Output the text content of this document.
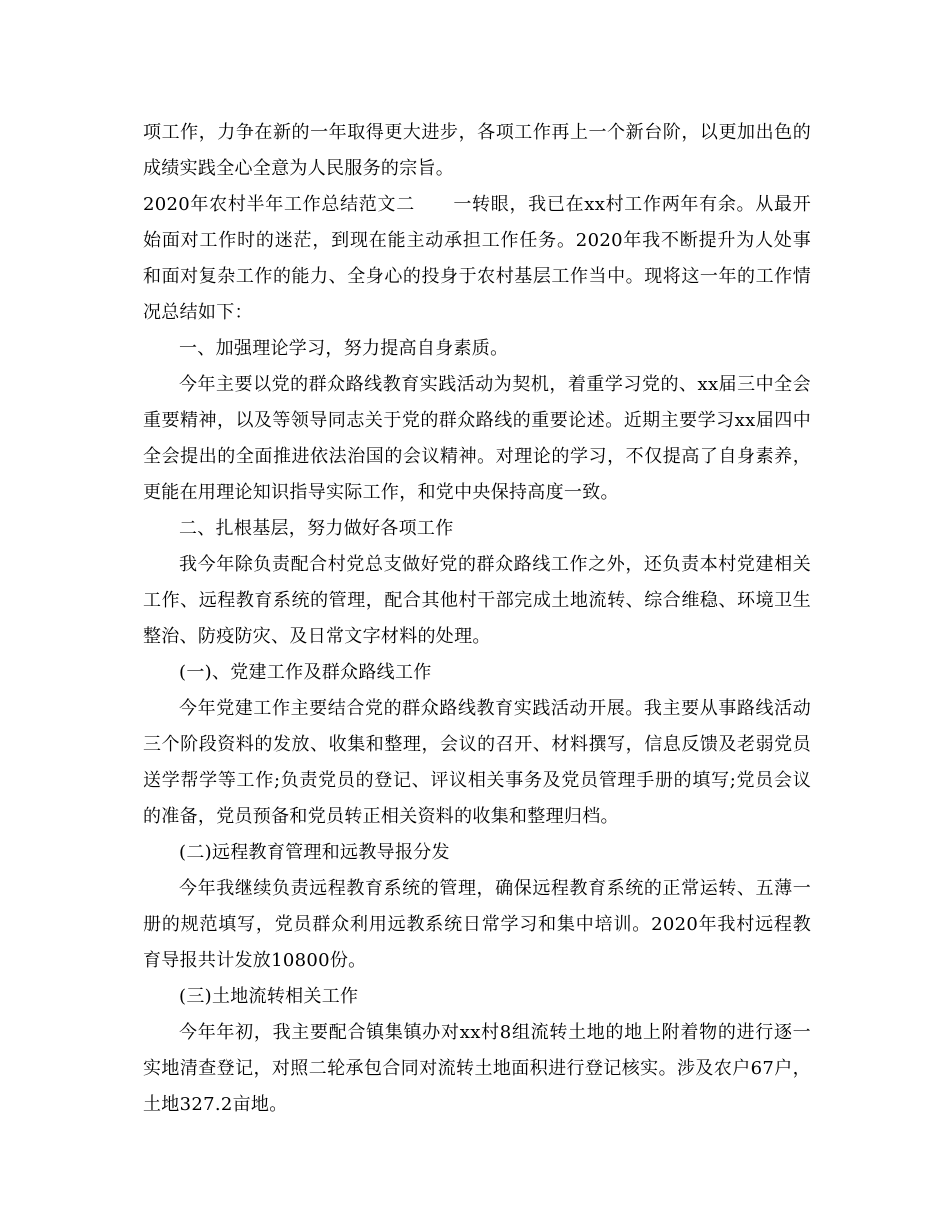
项工作，力争在新的一年取得更大进步，各项工作再上一个新台阶，以更加出色的成绩实践全心全意为人民服务的宗旨。

2020年农村半年工作总结范文二 一转眼，我已在xx村工作两年有余。从最开始面对工作时的迷茫，到现在能主动承担工作任务。2020年我不断提升为人处事和面对复杂工作的能力、全身心的投身于农村基层工作当中。现将这一年的工作情况总结如下：

一、加强理论学习，努力提高自身素质。

今年主要以党的群众路线教育实践活动为契机，着重学习党的、xx届三中全会重要精神，以及等领导同志关于党的群众路线的重要论述。近期主要学习xx届四中全会提出的全面推进依法治国的会议精神。对理论的学习，不仅提高了自身素养，更能在用理论知识指导实际工作，和党中央保持高度一致。

二、扎根基层，努力做好各项工作

我今年除负责配合村党总支做好党的群众路线工作之外，还负责本村党建相关工作、远程教育系统的管理，配合其他村干部完成土地流转、综合维稳、环境卫生整治、防疫防灾、及日常文字材料的处理。

(一)、党建工作及群众路线工作

今年党建工作主要结合党的群众路线教育实践活动开展。我主要从事路线活动三个阶段资料的发放、收集和整理，会议的召开、材料撰写，信息反馈及老弱党员送学帮学等工作;负责党员的登记、评议相关事务及党员管理手册的填写;党员会议的准备，党员预备和党员转正相关资料的收集和整理归档。

(二)远程教育管理和远教导报分发

今年我继续负责远程教育系统的管理，确保远程教育系统的正常运转、五薄一册的规范填写，党员群众利用远教系统日常学习和集中培训。2020年我村远程教育导报共计发放10800份。

(三)土地流转相关工作

今年年初，我主要配合镇集镇办对xx村8组流转土地的地上附着物的进行逐一实地清查登记，对照二轮承包合同对流转土地面积进行登记核实。涉及农户67户，土地327.2亩地。
